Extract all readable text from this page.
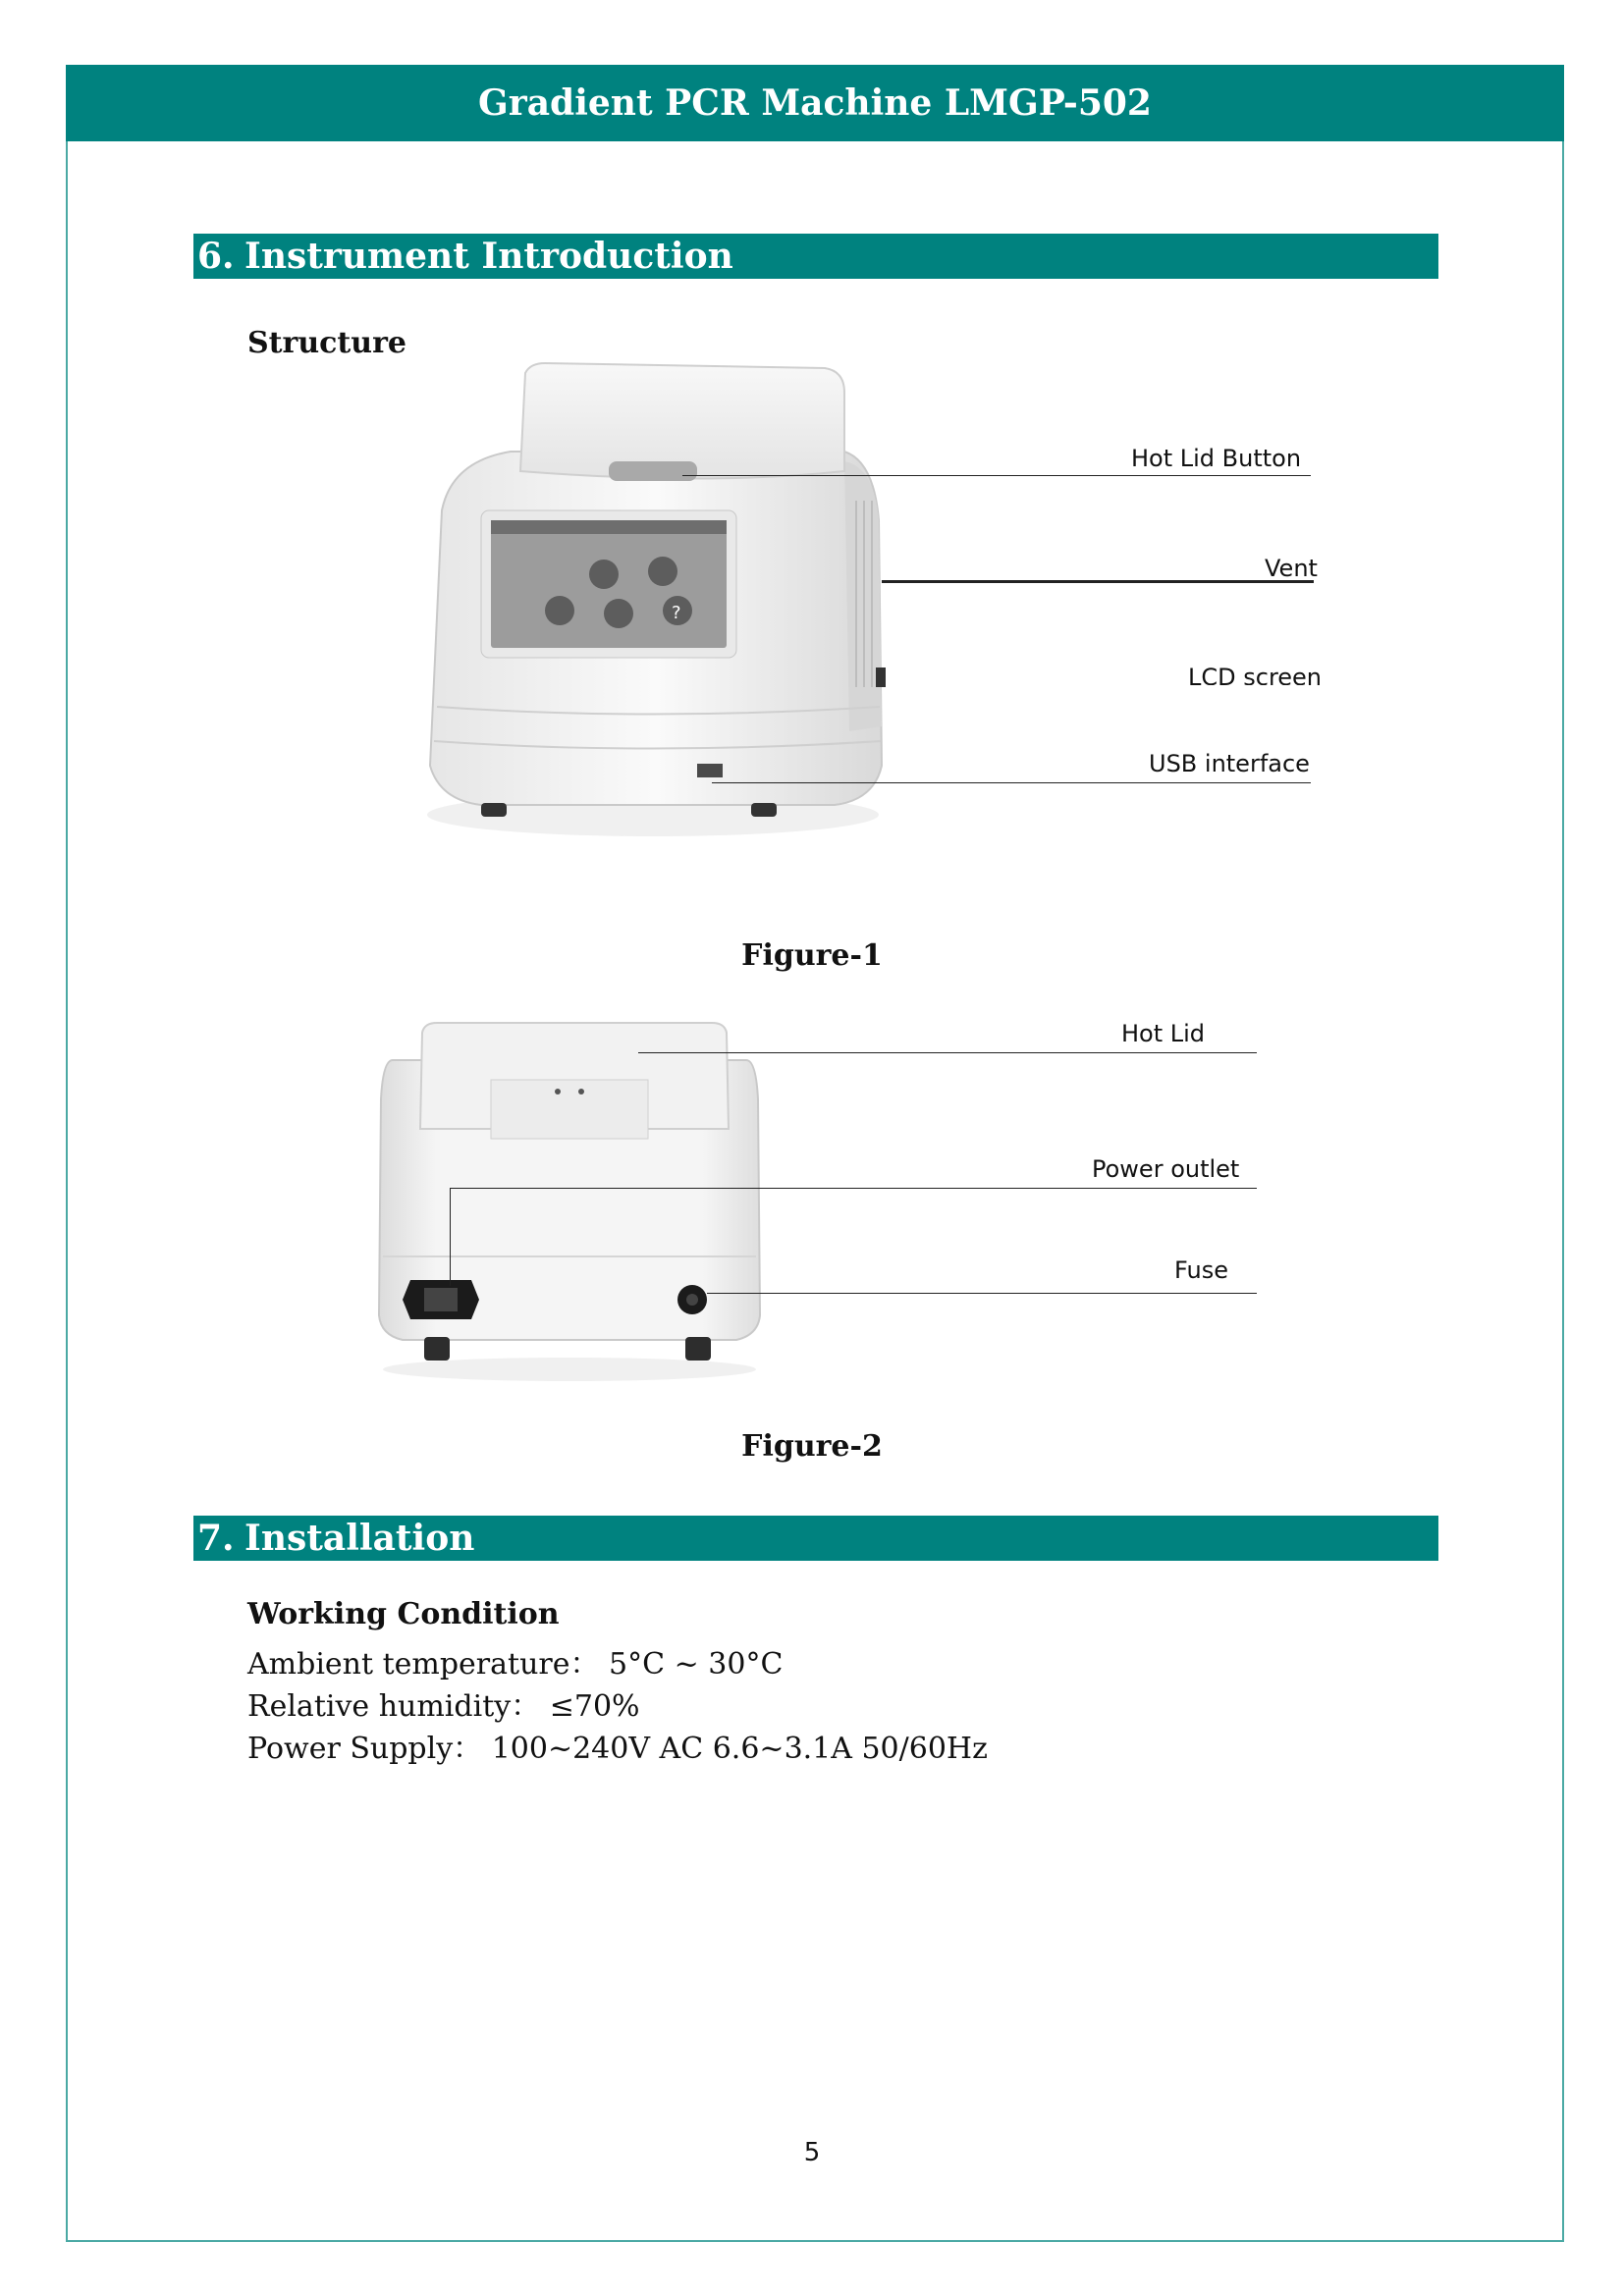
Gradient PCR Machine LMGP-502
6. Instrument Introduction
Structure
?
Hot Lid Button
Vent
LCD screen
USB interface
Figure-1
Hot Lid
Power outlet
Fuse
Figure-2
7. Installation
Working Condition
Ambient temperature： 5°C ~ 30°C
Relative humidity： ≤70%
Power Supply： 100~240V AC 6.6~3.1A 50/60Hz
5
